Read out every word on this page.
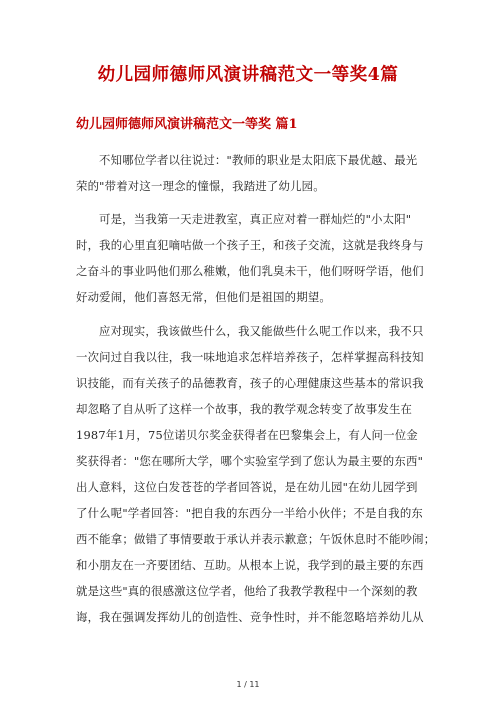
幼儿园师德师风演讲稿范文一等奖4篇
幼儿园师德师风演讲稿范文一等奖 篇1
不知哪位学者以往说过："教师的职业是太阳底下最优越、最光
荣的"带着对这一理念的憧憬，我踏进了幼儿园。
可是，当我第一天走进教室，真正应对着一群灿烂的"小太阳"
时，我的心里直犯嘀咕做一个孩子王，和孩子交流，这就是我终身与
之奋斗的事业吗他们那么稚嫩，他们乳臭未干，他们呀呀学语，他们
好动爱闹，他们喜怒无常，但他们是祖国的期望。
应对现实，我该做些什么，我又能做些什么呢工作以来，我不只
一次问过自我以往，我一味地追求怎样培养孩子，怎样掌握高科技知
识技能，而有关孩子的品德教育，孩子的心理健康这些基本的常识我
却忽略了自从听了这样一个故事，我的教学观念转变了故事发生在
1987年1月，75位诺贝尔奖金获得者在巴黎集会上，有人问一位金
奖获得者："您在哪所大学，哪个实验室学到了您认为最主要的东西"
出人意料，这位白发苍苍的学者回答说，是在幼儿园"在幼儿园学到
了什么呢"学者回答："把自我的东西分一半给小伙伴；不是自我的东
西不能拿；做错了事情要敢于承认并表示歉意；午饭休息时不能吵闹；
和小朋友在一齐要团结、互助。从根本上说，我学到的最主要的东西
就是这些"真的很感激这位学者，他给了我教学教程中一个深刻的教
诲，我在强调发挥幼儿的创造性、竞争性时，并不能忽略培养幼儿从
1 / 11
